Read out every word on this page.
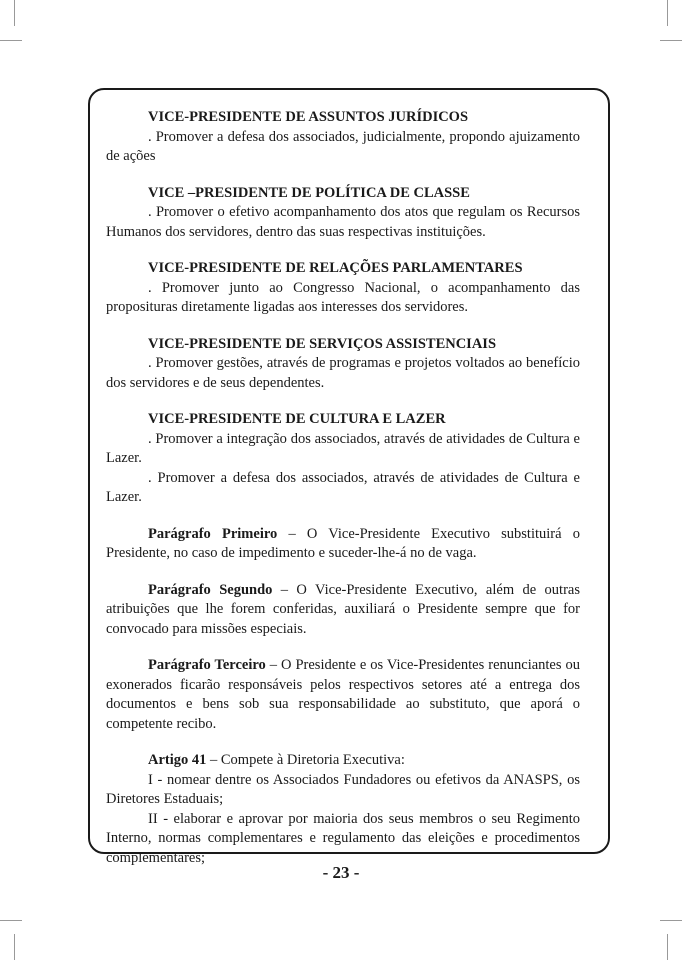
VICE-PRESIDENTE DE ASSUNTOS JURÍDICOS

. Promover a defesa dos associados, judicialmente, propondo ajuizamento de ações

VICE –PRESIDENTE DE POLÍTICA DE CLASSE

. Promover o efetivo acompanhamento dos atos que regulam os Recursos Humanos dos servidores, dentro das suas respectivas instituições.

VICE-PRESIDENTE DE RELAÇÕES PARLAMENTARES

. Promover junto ao Congresso Nacional, o acompanhamento das proposituras diretamente ligadas aos interesses dos servidores.

VICE-PRESIDENTE DE SERVIÇOS ASSISTENCIAIS

. Promover gestões, através de programas e projetos voltados ao benefício dos servidores e de seus dependentes.

VICE-PRESIDENTE DE CULTURA E LAZER

. Promover a integração dos associados, através de atividades de Cultura e Lazer.

. Promover a defesa dos associados, através de atividades de Cultura e Lazer.

Parágrafo Primeiro – O Vice-Presidente Executivo substituirá o Presidente, no caso de impedimento e suceder-lhe-á no de vaga.

Parágrafo Segundo – O Vice-Presidente Executivo, além de outras atribuições que lhe forem conferidas, auxiliará o Presidente sempre que for convocado para missões especiais.

Parágrafo Terceiro – O Presidente e os Vice-Presidentes renunciantes ou exonerados ficarão responsáveis pelos respectivos setores até a entrega dos documentos e bens sob sua responsabilidade ao substituto, que aporá o competente recibo.

Artigo 41 – Compete à Diretoria Executiva:

I - nomear dentre os Associados Fundadores ou efetivos da ANASPS, os Diretores Estaduais;

II - elaborar e aprovar por maioria dos seus membros o seu Regimento Interno, normas complementares e regulamento das eleições e procedimentos complementares;

- 23 -
